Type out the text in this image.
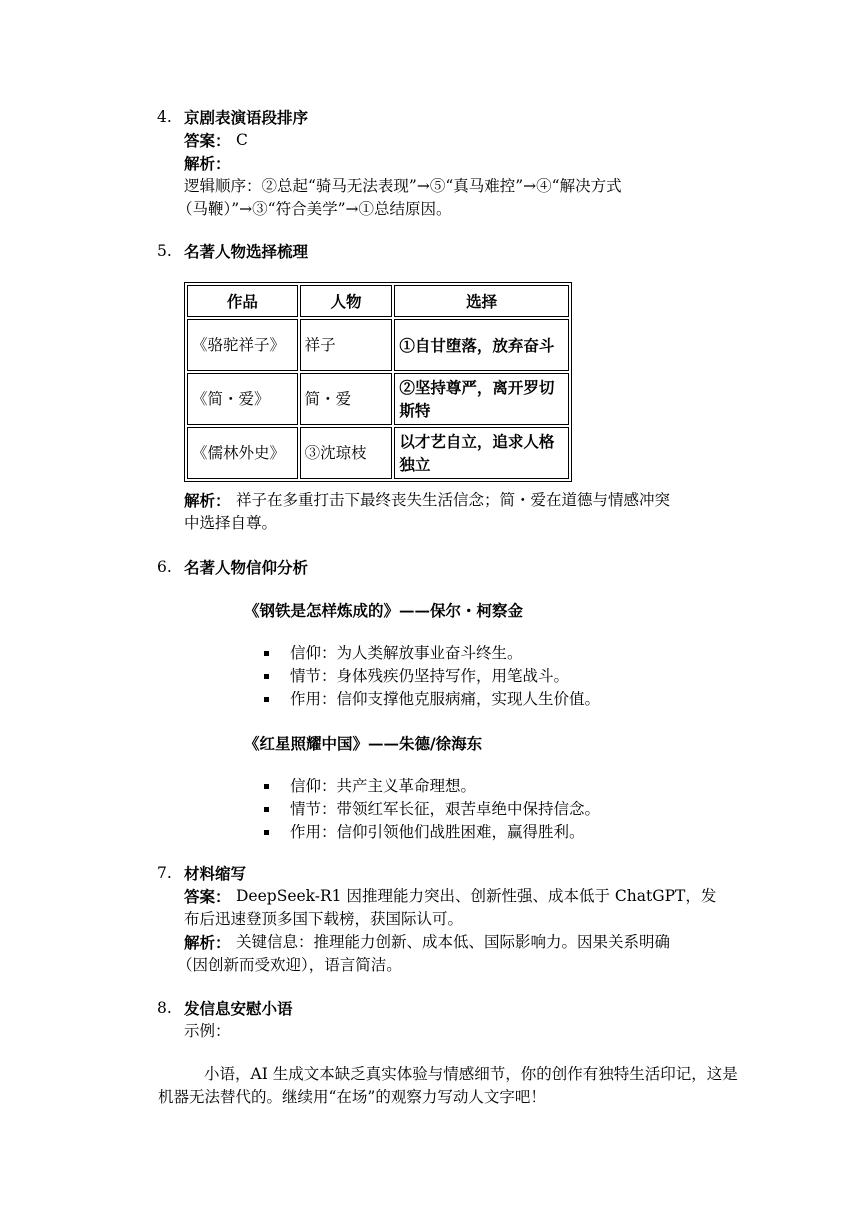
4. 京剧表演语段排序
答案： C
解析：
逻辑顺序：②总起“骑马无法表现”→⑤“真马难控”→④“解决方式
（马鞭）”→③“符合美学”→①总结原因。
5. 名著人物选择梳理
作品	人物	选择
《骆驼祥子》	祥子	①自甘堕落，放弃奋斗
《简・爱》	简・爱	②坚持尊严，离开罗切斯特
《儒林外史》	③沈琼枝	以才艺自立，追求人格独立
解析： 祥子在多重打击下最终丧失生活信念；简・爱在道德与情感冲突
中选择自尊。
6. 名著人物信仰分析
《钢铁是怎样炼成的》——保尔・柯察金
信仰：为人类解放事业奋斗终生。
情节：身体残疾仍坚持写作，用笔战斗。
作用：信仰支撑他克服病痛，实现人生价值。
《红星照耀中国》——朱德/徐海东
信仰：共产主义革命理想。
情节：带领红军长征，艰苦卓绝中保持信念。
作用：信仰引领他们战胜困难，赢得胜利。
7. 材料缩写
答案： DeepSeek-R1 因推理能力突出、创新性强、成本低于 ChatGPT，发
布后迅速登顶多国下载榜，获国际认可。
解析： 关键信息：推理能力创新、成本低、国际影响力。因果关系明确
（因创新而受欢迎），语言简洁。
8. 发信息安慰小语
示例：
小语，AI 生成文本缺乏真实体验与情感细节，你的创作有独特生活印记，这是机器无法替代的。继续用“在场”的观察力写动人文字吧！
